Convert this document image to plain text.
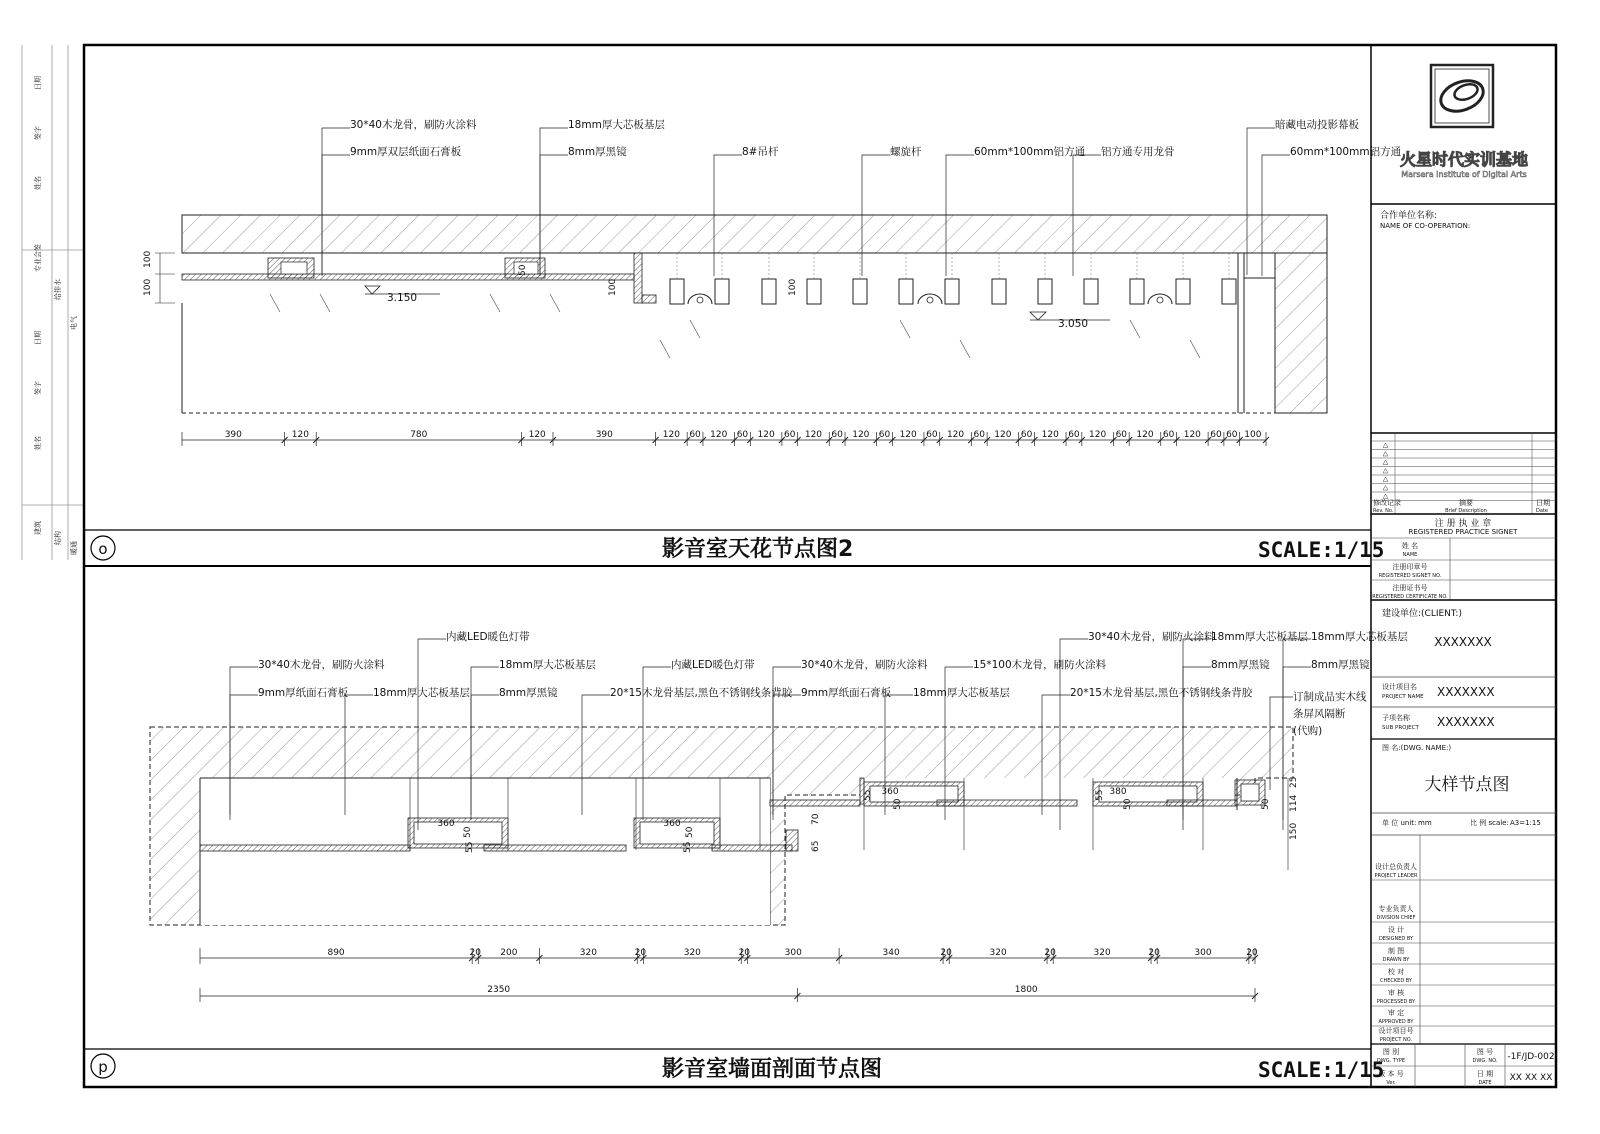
日期
签字
姓名
专业会签
给排水
电气
日期
签字
姓名
建筑
结构
暖通
3.150
3.050
100
100	100	100
50
390	120	780	120	390	120 60 120 60 120 60 120 60 120 60 120 60 120 60 120 60 120 60 120 60 120 60 120 60 60 100
o	影音室天花节点图2	SCALE:1/15
360
50
55
360
50
55
70
65
360
55
50
380
55
50	50
25
114
150
890	20 200	320	20	320	20	300	340	20	320	20	320	20	300	20
2350	1800
p	影音室墙面剖面节点图	SCALE:1/15
火星时代实训基地
Marsera Institute of Digital Arts
合作单位名称:
NAME OF CO-OPERATION:
修改记录
Rev. No.
摘要
Brief Description
日期
Date
注 册 执 业 章
REGISTERED PRACTICE SIGNET
姓 名
NAME
注册印章号
REGISTERED SIGNET NO.
注册证书号
REGISTERED CERTIFICATE NO.
建设单位:(CLIENT:)
XXXXXXX
设计项目名
PROJECT NAME XXXXXXX
子项名称
SUB PROJECT XXXXXXX
图 名:(DWG. NAME:)
大样节点图
单 位 unit: mm	比 例 scale: A3=1:15
设计总负责人
PROJECT LEADER
专业负责人
DIVISION CHIEF
设 计
DESIGNED BY
制 图
DRAWN BY
校 对
CHECKED BY
审 核
PROCESSED BY
审 定
APPROVED BY
设计项目号
PROJECT NO.
图 别
DWG. TYPE
图 号
DWG. NO. -1F/JD-002
版 本 号
Ver.
日 期
DATE XX XX XX
30*40木龙骨，刷防火涂料	18mm厚大芯板基层	暗藏电动投影幕板
9mm厚双层纸面石膏板	8mm厚黑镜	8#吊杆	螺旋杆	60mm*100mm铝方通 铝方通专用龙骨	60mm*100mm铝方通
内藏LED暖色灯带	30*40木龙骨，刷防火涂料
18mm厚大芯板基层 18mm厚大芯板基层
30*40木龙骨，刷防火涂料	18mm厚大芯板基层	内藏LED暖色灯带	30*40木龙骨，刷防火涂料	15*100木龙骨，刷防火涂料	8mm厚黑镜	8mm厚黑镜
9mm厚纸面石膏板 18mm厚大芯板基层	8mm厚黑镜	20*15木龙骨基层,黑色不锈钢线条背胶 9mm厚纸面石膏板 18mm厚大芯板基层	20*15木龙骨基层,黑色不锈钢线条背胶	订制成品实木线
条屏风隔断
(代购)
